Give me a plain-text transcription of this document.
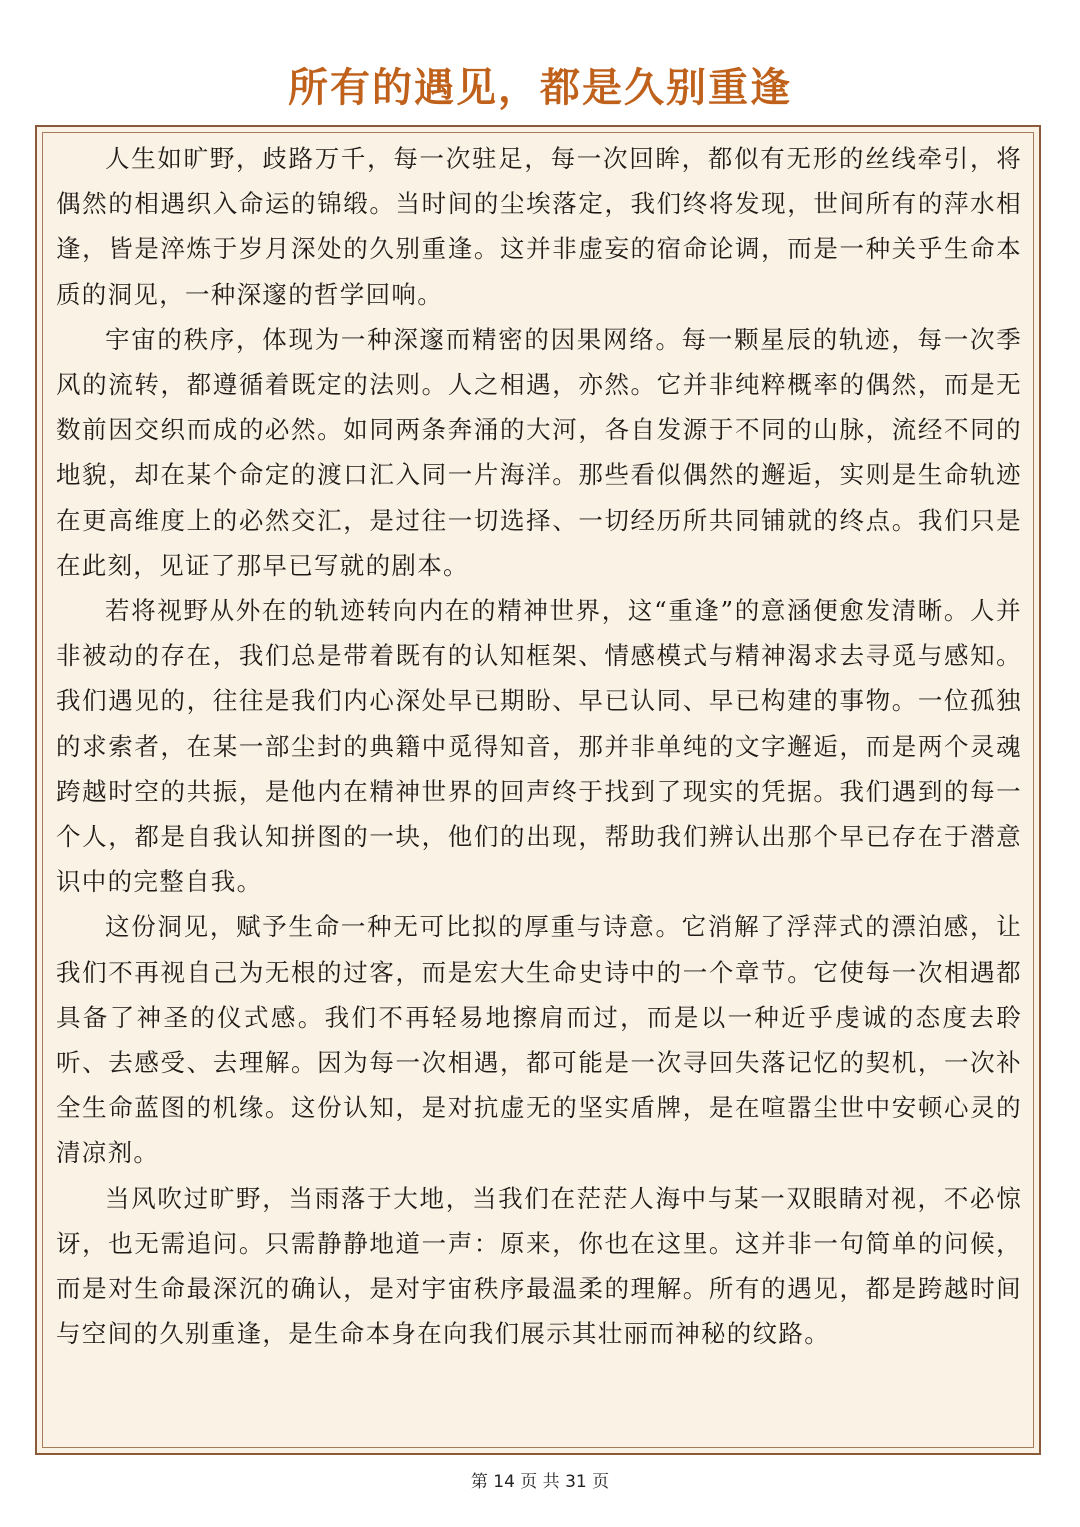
所有的遇见，都是久别重逢

人生如旷野，歧路万千，每一次驻足，每一次回眸，都似有无形的丝线牵引，将偶然的相遇织入命运的锦缎。当时间的尘埃落定，我们终将发现，世间所有的萍水相逢，皆是淬炼于岁月深处的久别重逢。这并非虚妄的宿命论调，而是一种关乎生命本质的洞见，一种深邃的哲学回响。

宇宙的秩序，体现为一种深邃而精密的因果网络。每一颗星辰的轨迹，每一次季风的流转，都遵循着既定的法则。人之相遇，亦然。它并非纯粹概率的偶然，而是无数前因交织而成的必然。如同两条奔涌的大河，各自发源于不同的山脉，流经不同的地貌，却在某个命定的渡口汇入同一片海洋。那些看似偶然的邂逅，实则是生命轨迹在更高维度上的必然交汇，是过往一切选择、一切经历所共同铺就的终点。我们只是在此刻，见证了那早已写就的剧本。

若将视野从外在的轨迹转向内在的精神世界，这“重逢”的意涵便愈发清晰。人并非被动的存在，我们总是带着既有的认知框架、情感模式与精神渴求去寻觅与感知。我们遇见的，往往是我们内心深处早已期盼、早已认同、早已构建的事物。一位孤独的求索者，在某一部尘封的典籍中觅得知音，那并非单纯的文字邂逅，而是两个灵魂跨越时空的共振，是他内在精神世界的回声终于找到了现实的凭据。我们遇到的每一个人，都是自我认知拼图的一块，他们的出现，帮助我们辨认出那个早已存在于潜意识中的完整自我。

这份洞见，赋予生命一种无可比拟的厚重与诗意。它消解了浮萍式的漂泊感，让我们不再视自己为无根的过客，而是宏大生命史诗中的一个章节。它使每一次相遇都具备了神圣的仪式感。我们不再轻易地擦肩而过，而是以一种近乎虔诚的态度去聆听、去感受、去理解。因为每一次相遇，都可能是一次寻回失落记忆的契机，一次补全生命蓝图的机缘。这份认知，是对抗虚无的坚实盾牌，是在喧嚣尘世中安顿心灵的清凉剂。

当风吹过旷野，当雨落于大地，当我们在茫茫人海中与某一双眼睛对视，不必惊讶，也无需追问。只需静静地道一声：原来，你也在这里。这并非一句简单的问候，而是对生命最深沉的确认，是对宇宙秩序最温柔的理解。所有的遇见，都是跨越时间与空间的久别重逢，是生命本身在向我们展示其壮丽而神秘的纹路。

第 14 页 共 31 页
